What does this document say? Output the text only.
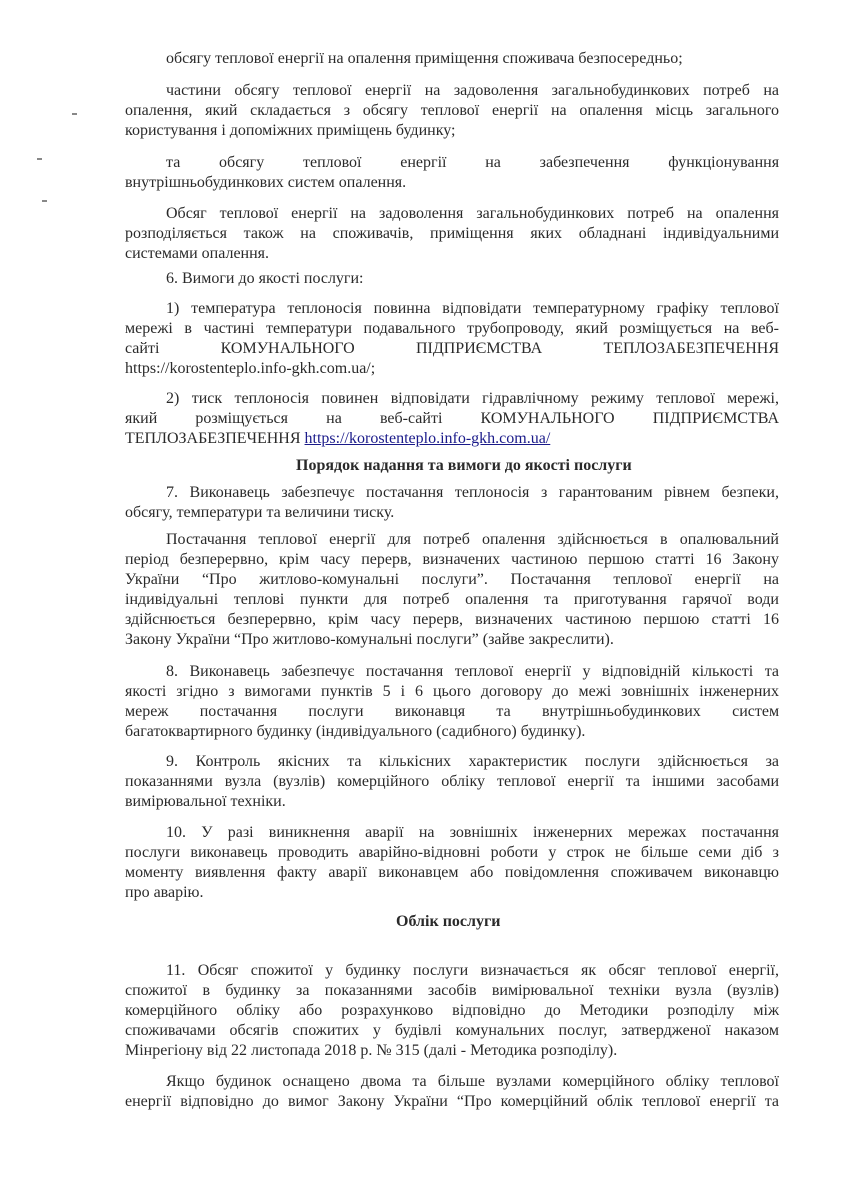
обсягу теплової енергії на опалення приміщення споживача безпосередньо;
частини обсягу теплової енергії на задоволення загальнобудинкових потреб на
опалення, який складається з обсягу теплової енергії на опалення місць загального
користування і допоміжних приміщень будинку;
та обсягу теплової енергії на забезпечення функціонування
внутрішньобудинкових систем опалення.
Обсяг теплової енергії на задоволення загальнобудинкових потреб на опалення
розподіляється також на споживачів, приміщення яких обладнані індивідуальними
системами опалення.
6. Вимоги до якості послуги:
1) температура теплоносія повинна відповідати температурному графіку теплової
мережі в частині температури подавального трубопроводу, який розміщується на веб-
сайті	КОМУНАЛЬНОГО	ПІДПРИЄМСТВА	ТЕПЛОЗАБЕЗПЕЧЕННЯ
https://korostenteplo.info-gkh.com.ua/;
2) тиск теплоносія повинен відповідати гідравлічному режиму теплової мережі,
який розміщується на веб-сайті КОМУНАЛЬНОГО ПІДПРИЄМСТВА
ТЕПЛОЗАБЕЗПЕЧЕННЯ https://korostenteplo.info-gkh.com.ua/
Порядок надання та вимоги до якості послуги
7. Виконавець забезпечує постачання теплоносія з гарантованим рівнем безпеки,
обсягу, температури та величини тиску.
Постачання теплової енергії для потреб опалення здійснюється в опалювальний
період безперервно, крім часу перерв, визначених частиною першою статті 16 Закону
України “Про житлово-комунальні послуги”. Постачання теплової енергії на
індивідуальні теплові пункти для потреб опалення та приготування гарячої води
здійснюється безперервно, крім часу перерв, визначених частиною першою статті 16
Закону України “Про житлово-комунальні послуги” (зайве закреслити).
8. Виконавець забезпечує постачання теплової енергії у відповідній кількості та
якості згідно з вимогами пунктів 5 і 6 цього договору до межі зовнішніх інженерних
мереж постачання послуги виконавця та внутрішньобудинкових систем
багатоквартирного будинку (індивідуального (садибного) будинку).
9. Контроль якісних та кількісних характеристик послуги здійснюється за
показаннями вузла (вузлів) комерційного обліку теплової енергії та іншими засобами
вимірювальної техніки.
10. У разі виникнення аварії на зовнішніх інженерних мережах постачання
послуги виконавець проводить аварійно-відновні роботи у строк не більше семи діб з
моменту виявлення факту аварії виконавцем або повідомлення споживачем виконавцю
про аварію.
Облік послуги
11. Обсяг спожитої у будинку послуги визначається як обсяг теплової енергії,
спожитої в будинку за показаннями засобів вимірювальної техніки вузла (вузлів)
комерційного обліку або розрахунково відповідно до Методики розподілу між
споживачами обсягів спожитих у будівлі комунальних послуг, затвердженої наказом
Мінрегіону від 22 листопада 2018 р. № 315 (далі - Методика розподілу).
Якщо будинок оснащено двома та більше вузлами комерційного обліку теплової
енергії відповідно до вимог Закону України “Про комерційний облік теплової енергії та
